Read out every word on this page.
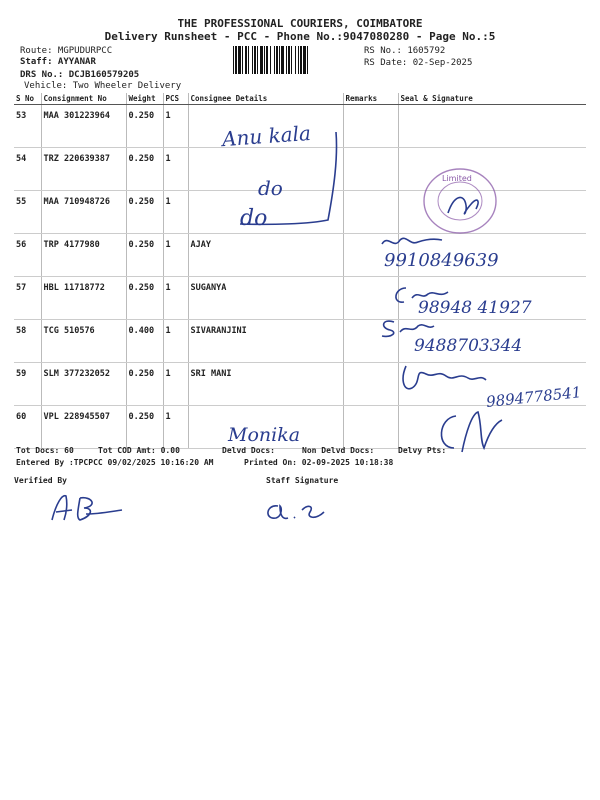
THE PROFESSIONAL COURIERS, COIMBATORE
Delivery Runsheet - PCC - Phone No.:9047080280 - Page No.:5
Route: MGPUDURPCC
Staff: AYYANAR
DRS No.: DCJB160579205
Vehicle: Two Wheeler Delivery
RS No.: 1605792
RS Date: 02-Sep-2025
S No	Consignment No	Weight	PCS	Consignee Details	Remarks	Seal & Signature
53	MAA 301223964	0.250	1			
54	TRZ 220639387	0.250	1			
55	MAA 710948726	0.250	1			
56	TRP 4177980	0.250	1	AJAY		
57	HBL 11718772	0.250	1	SUGANYA		
58	TCG 510576	0.400	1	SIVARANJINI		
59	SLM 377232052	0.250	1	SRI MANI		
60	VPL 228945507	0.250	1			
Anu kala
do
do
Limited
9910849639
98948 41927
9488703344
9894778541
Monika
Tot Docs: 60	Tot COD Amt: 0.00	Delvd Docs:	Non Delvd Docs:	Delvy Pts:
Entered By :TPCPCC 09/02/2025 10:16:20 AM	Printed On: 02-09-2025 10:18:38
Verified By	Staff Signature
